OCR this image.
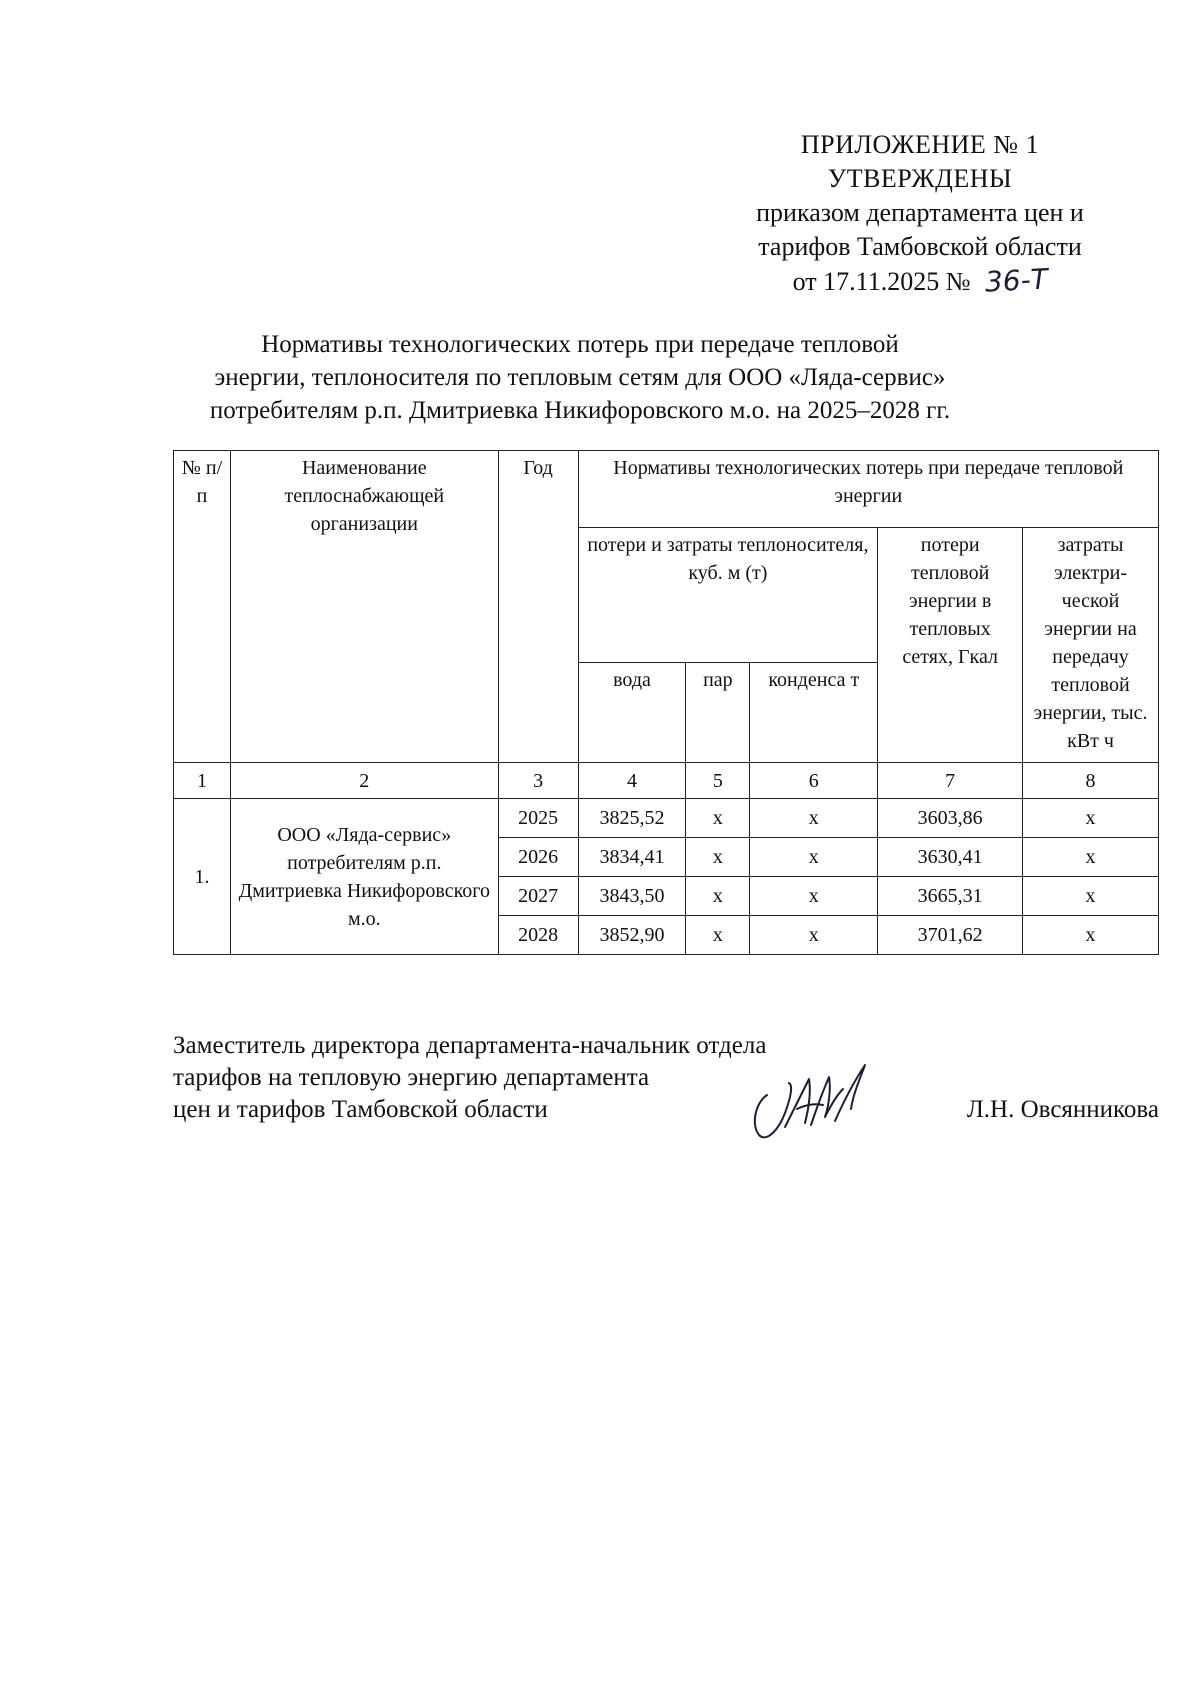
ПРИЛОЖЕНИЕ № 1
УТВЕРЖДЕНЫ
приказом департамента цен и
тарифов Тамбовской области
от 17.11.2025 № 36-Т
Нормативы технологических потерь при передаче тепловой
энергии, теплоносителя по тепловым сетям для ООО «Ляда-сервис»
потребителям р.п. Дмитриевка Никифоровского м.о. на 2025–2028 гг.
№ п/п	Наименование теплоснабжающей организации	Год	Нормативы технологических потерь при передаче тепловой энергии				
			потери и затраты теплоносителя, куб. м (т)			потери тепловой энергии в тепловых сетях, Гкал	затраты электри-ческой энергии на передачу тепловой энергии, тыс. кВт ч
			вода	пар	конденса т		
1	2	3	4	5	6	7	8
1.	ООО «Ляда-сервис» потребителям р.п. Дмитриевка Никифоровского м.о.	2025	3825,52	x	x	3603,86	x
		2026	3834,41	x	x	3630,41	x
		2027	3843,50	x	x	3665,31	x
		2028	3852,90	x	x	3701,62	x
Заместитель директора департамента-начальник отдела
тарифов на тепловую энергию департамента
цен и тарифов Тамбовской области	Л.Н. Овсянникова
